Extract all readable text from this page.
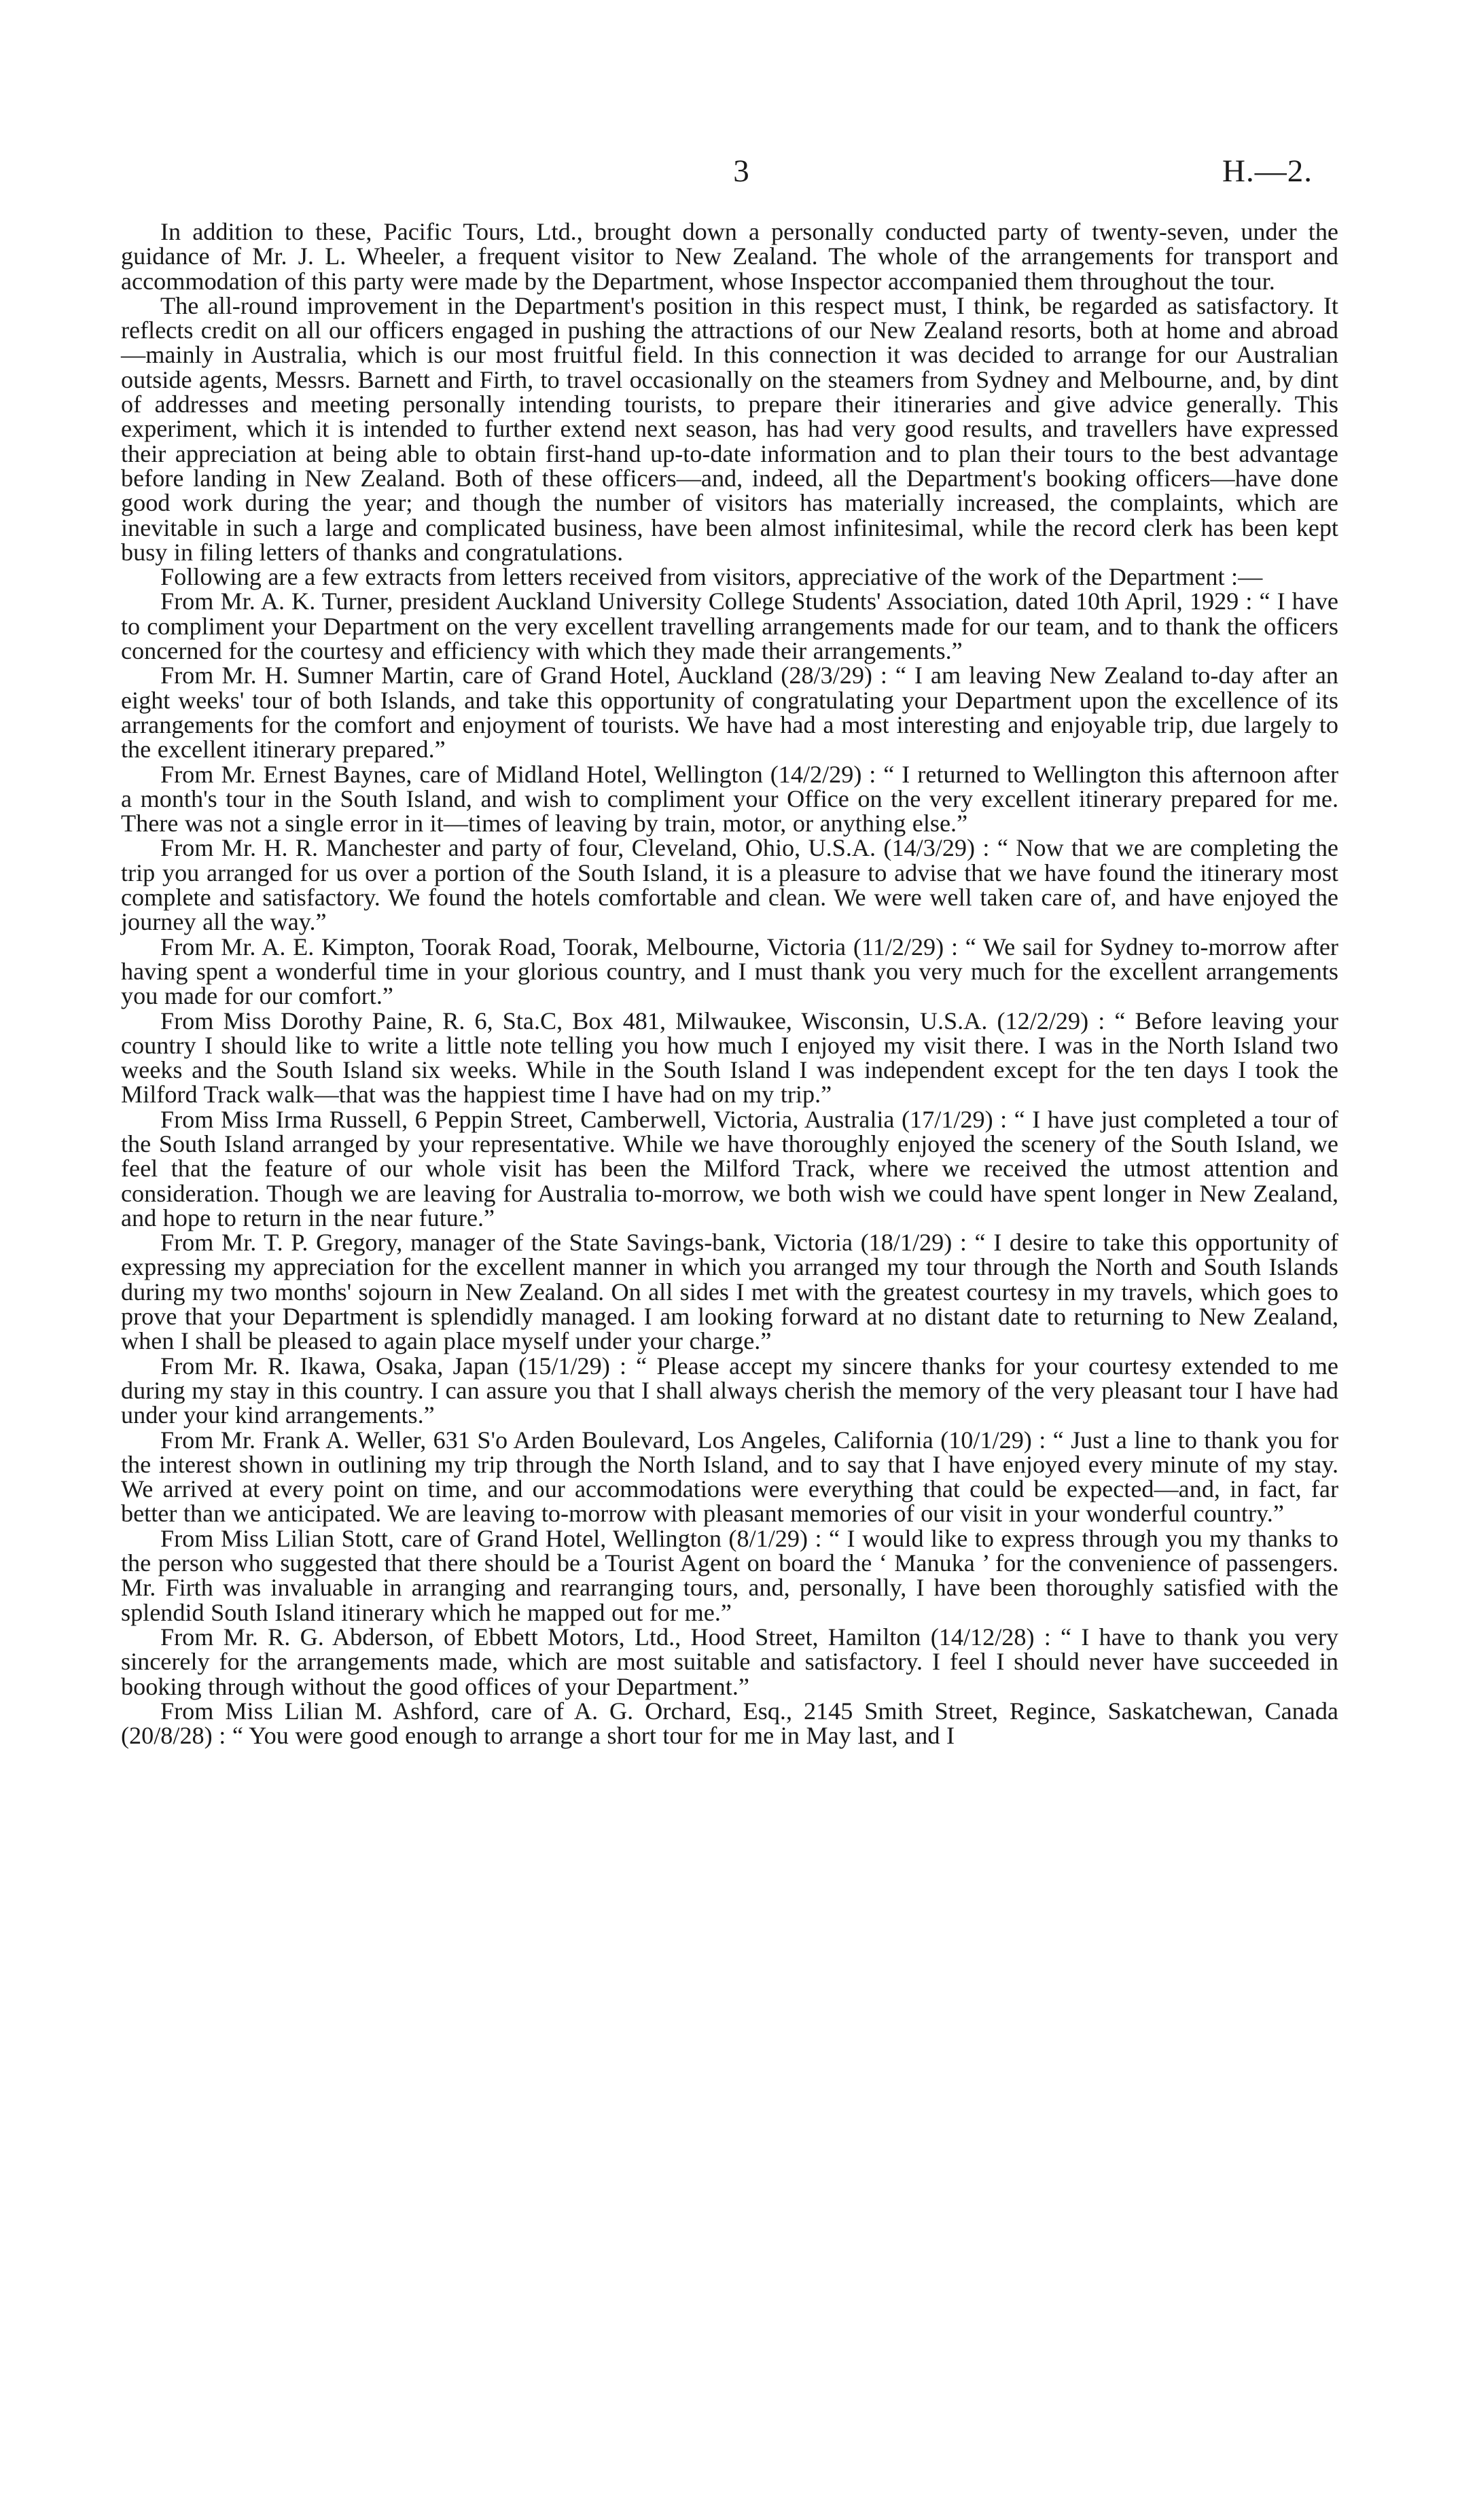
3	H.—2.

In addition to these, Pacific Tours, Ltd., brought down a personally conducted party of twenty-seven, under the guidance of Mr. J. L. Wheeler, a frequent visitor to New Zealand. The whole of the arrangements for transport and accommodation of this party were made by the Department, whose Inspector accompanied them throughout the tour.

The all-round improvement in the Department's position in this respect must, I think, be regarded as satisfactory. It reflects credit on all our officers engaged in pushing the attractions of our New Zealand resorts, both at home and abroad—mainly in Australia, which is our most fruitful field. In this connection it was decided to arrange for our Australian outside agents, Messrs. Barnett and Firth, to travel occasionally on the steamers from Sydney and Melbourne, and, by dint of addresses and meeting personally intending tourists, to prepare their itineraries and give advice generally. This experiment, which it is intended to further extend next season, has had very good results, and travellers have expressed their appreciation at being able to obtain first-hand up-to-date information and to plan their tours to the best advantage before landing in New Zealand. Both of these officers—and, indeed, all the Department's booking officers—have done good work during the year; and though the number of visitors has materially increased, the complaints, which are inevitable in such a large and complicated business, have been almost infinitesimal, while the record clerk has been kept busy in filing letters of thanks and congratulations.

Following are a few extracts from letters received from visitors, appreciative of the work of the Department :—

From Mr. A. K. Turner, president Auckland University College Students' Association, dated 10th April, 1929 : “ I have to compliment your Department on the very excellent travelling arrangements made for our team, and to thank the officers concerned for the courtesy and efficiency with which they made their arrangements.”

From Mr. H. Sumner Martin, care of Grand Hotel, Auckland (28/3/29) : “ I am leaving New Zealand to-day after an eight weeks' tour of both Islands, and take this opportunity of congratulating your Department upon the excellence of its arrangements for the comfort and enjoyment of tourists. We have had a most interesting and enjoyable trip, due largely to the excellent itinerary prepared.”

From Mr. Ernest Baynes, care of Midland Hotel, Wellington (14/2/29) : “ I returned to Wellington this afternoon after a month's tour in the South Island, and wish to compliment your Office on the very excellent itinerary prepared for me. There was not a single error in it—times of leaving by train, motor, or anything else.”

From Mr. H. R. Manchester and party of four, Cleveland, Ohio, U.S.A. (14/3/29) : “ Now that we are completing the trip you arranged for us over a portion of the South Island, it is a pleasure to advise that we have found the itinerary most complete and satisfactory. We found the hotels comfortable and clean. We were well taken care of, and have enjoyed the journey all the way.”

From Mr. A. E. Kimpton, Toorak Road, Toorak, Melbourne, Victoria (11/2/29) : “ We sail for Sydney to-morrow after having spent a wonderful time in your glorious country, and I must thank you very much for the excellent arrangements you made for our comfort.”

From Miss Dorothy Paine, R. 6, Sta.C, Box 481, Milwaukee, Wisconsin, U.S.A. (12/2/29) : “ Before leaving your country I should like to write a little note telling you how much I enjoyed my visit there. I was in the North Island two weeks and the South Island six weeks. While in the South Island I was independent except for the ten days I took the Milford Track walk—that was the happiest time I have had on my trip.”

From Miss Irma Russell, 6 Peppin Street, Camberwell, Victoria, Australia (17/1/29) : “ I have just completed a tour of the South Island arranged by your representative. While we have thoroughly enjoyed the scenery of the South Island, we feel that the feature of our whole visit has been the Milford Track, where we received the utmost attention and consideration. Though we are leaving for Australia to-morrow, we both wish we could have spent longer in New Zealand, and hope to return in the near future.”

From Mr. T. P. Gregory, manager of the State Savings-bank, Victoria (18/1/29) : “ I desire to take this opportunity of expressing my appreciation for the excellent manner in which you arranged my tour through the North and South Islands during my two months' sojourn in New Zealand. On all sides I met with the greatest courtesy in my travels, which goes to prove that your Department is splendidly managed. I am looking forward at no distant date to returning to New Zealand, when I shall be pleased to again place myself under your charge.”

From Mr. R. Ikawa, Osaka, Japan (15/1/29) : “ Please accept my sincere thanks for your courtesy extended to me during my stay in this country. I can assure you that I shall always cherish the memory of the very pleasant tour I have had under your kind arrangements.”

From Mr. Frank A. Weller, 631 S'o Arden Boulevard, Los Angeles, California (10/1/29) : “ Just a line to thank you for the interest shown in outlining my trip through the North Island, and to say that I have enjoyed every minute of my stay. We arrived at every point on time, and our accommodations were everything that could be expected—and, in fact, far better than we anticipated. We are leaving to-morrow with pleasant memories of our visit in your wonderful country.”

From Miss Lilian Stott, care of Grand Hotel, Wellington (8/1/29) : “ I would like to express through you my thanks to the person who suggested that there should be a Tourist Agent on board the ‘ Manuka ’ for the convenience of passengers. Mr. Firth was invaluable in arranging and rearranging tours, and, personally, I have been thoroughly satisfied with the splendid South Island itinerary which he mapped out for me.”

From Mr. R. G. Abderson, of Ebbett Motors, Ltd., Hood Street, Hamilton (14/12/28) : “ I have to thank you very sincerely for the arrangements made, which are most suitable and satisfactory. I feel I should never have succeeded in booking through without the good offices of your Department.”

From Miss Lilian M. Ashford, care of A. G. Orchard, Esq., 2145 Smith Street, Regince, Saskatchewan, Canada (20/8/28) : “ You were good enough to arrange a short tour for me in May last, and I
